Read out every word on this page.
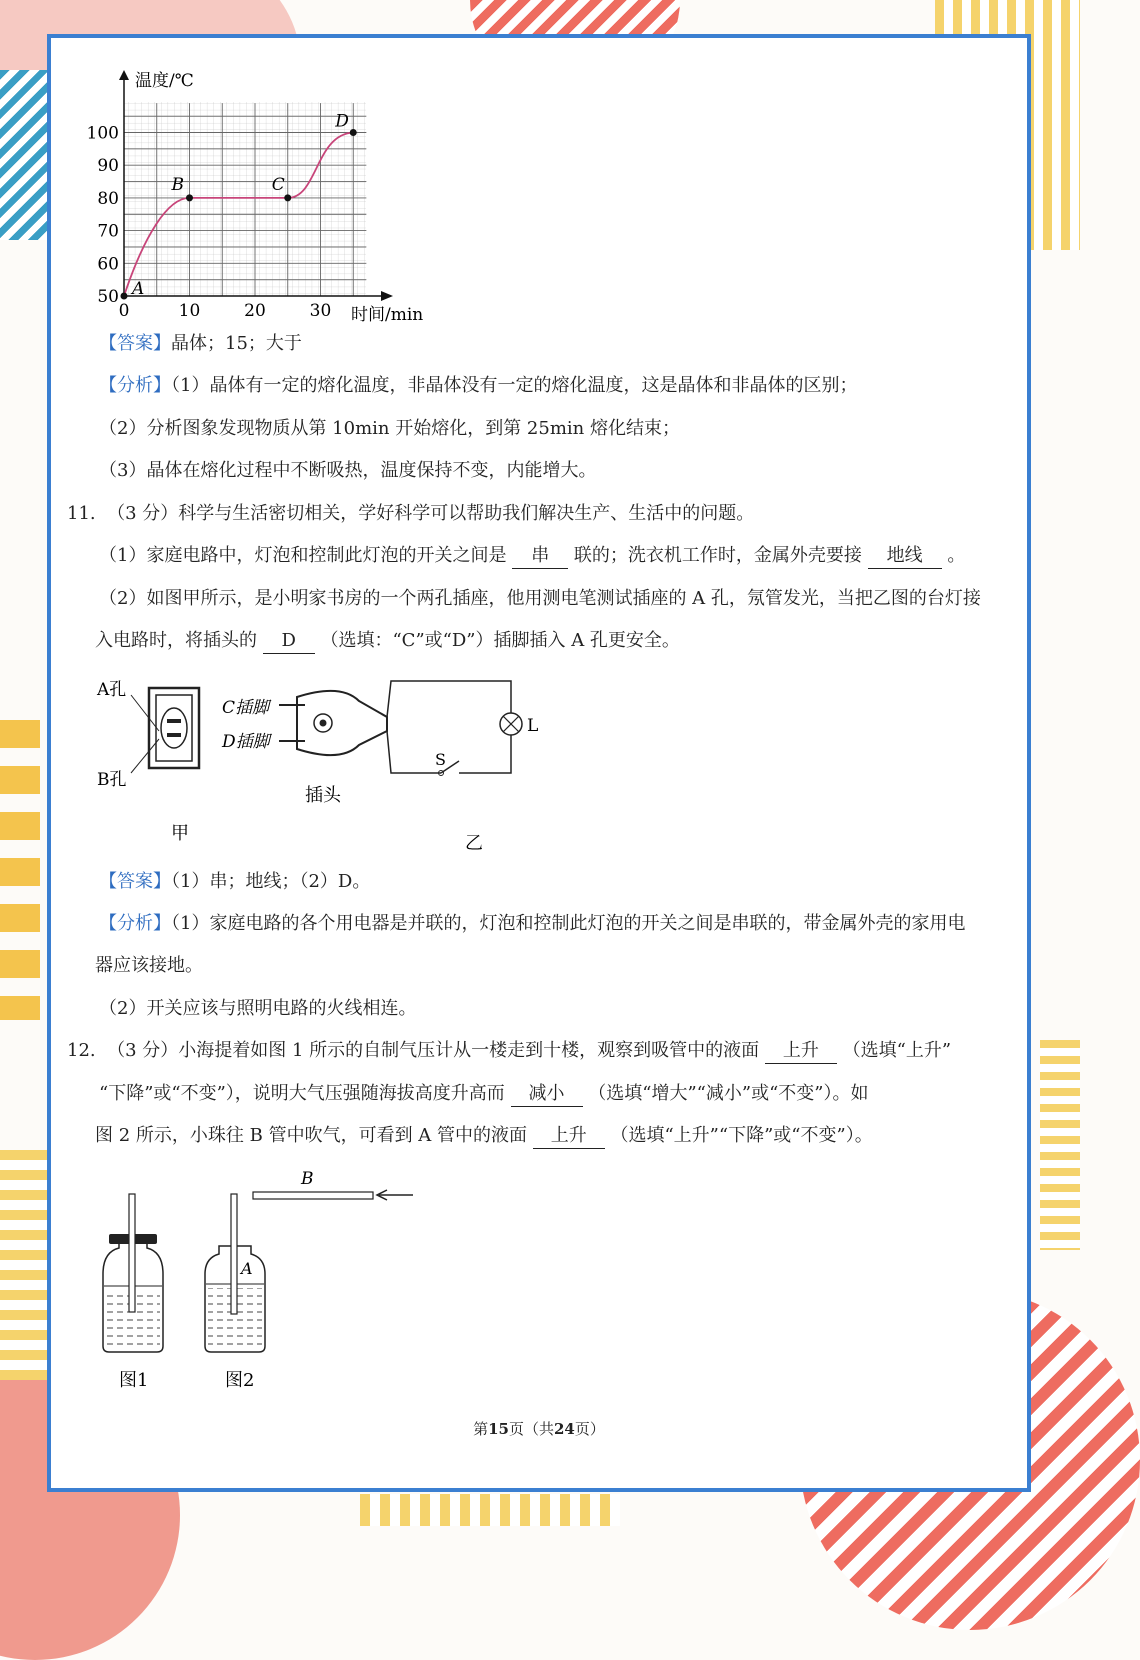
温度/℃
时间/min
50
60
70
80
90
100
0	10	20	30
A
B	C
D
【答案】晶体；15；大于
【分析】（1）晶体有一定的熔化温度，非晶体没有一定的熔化温度，这是晶体和非晶体的区别；
（2）分析图象发现物质从第 10min 开始熔化，到第 25min 熔化结束；
（3）晶体在熔化过程中不断吸热，温度保持不变，内能增大。
11. （3 分）科学与生活密切相关，学好科学可以帮助我们解决生产、生活中的问题。
（1）家庭电路中，灯泡和控制此灯泡的开关之间是 串 联的；洗衣机工作时，金属外壳要接 地线 。
（2）如图甲所示，是小明家书房的一个两孔插座，他用测电笔测试插座的 A 孔，氖管发光，当把乙图的台灯接
入电路时，将插头的 D （选填：“C”或“D”）插脚插入 A 孔更安全。
A孔
B孔
C插脚
D插脚
插头
S
L
甲	乙
【答案】（1）串；地线；（2）D。
【分析】（1）家庭电路的各个用电器是并联的，灯泡和控制此灯泡的开关之间是串联的，带金属外壳的家用电
器应该接地。
（2）开关应该与照明电路的火线相连。
12. （3 分）小海提着如图 1 所示的自制气压计从一楼走到十楼，观察到吸管中的液面 上升 （选填“上升”
“下降”或“不变”），说明大气压强随海拔高度升高而 减小 （选填“增大”“减小”或“不变”）。如
图 2 所示，小珠往 B 管中吹气，可看到 A 管中的液面 上升 （选填“上升”“下降”或“不变”）。
图1
A
B
图2
第15页（共24页）
